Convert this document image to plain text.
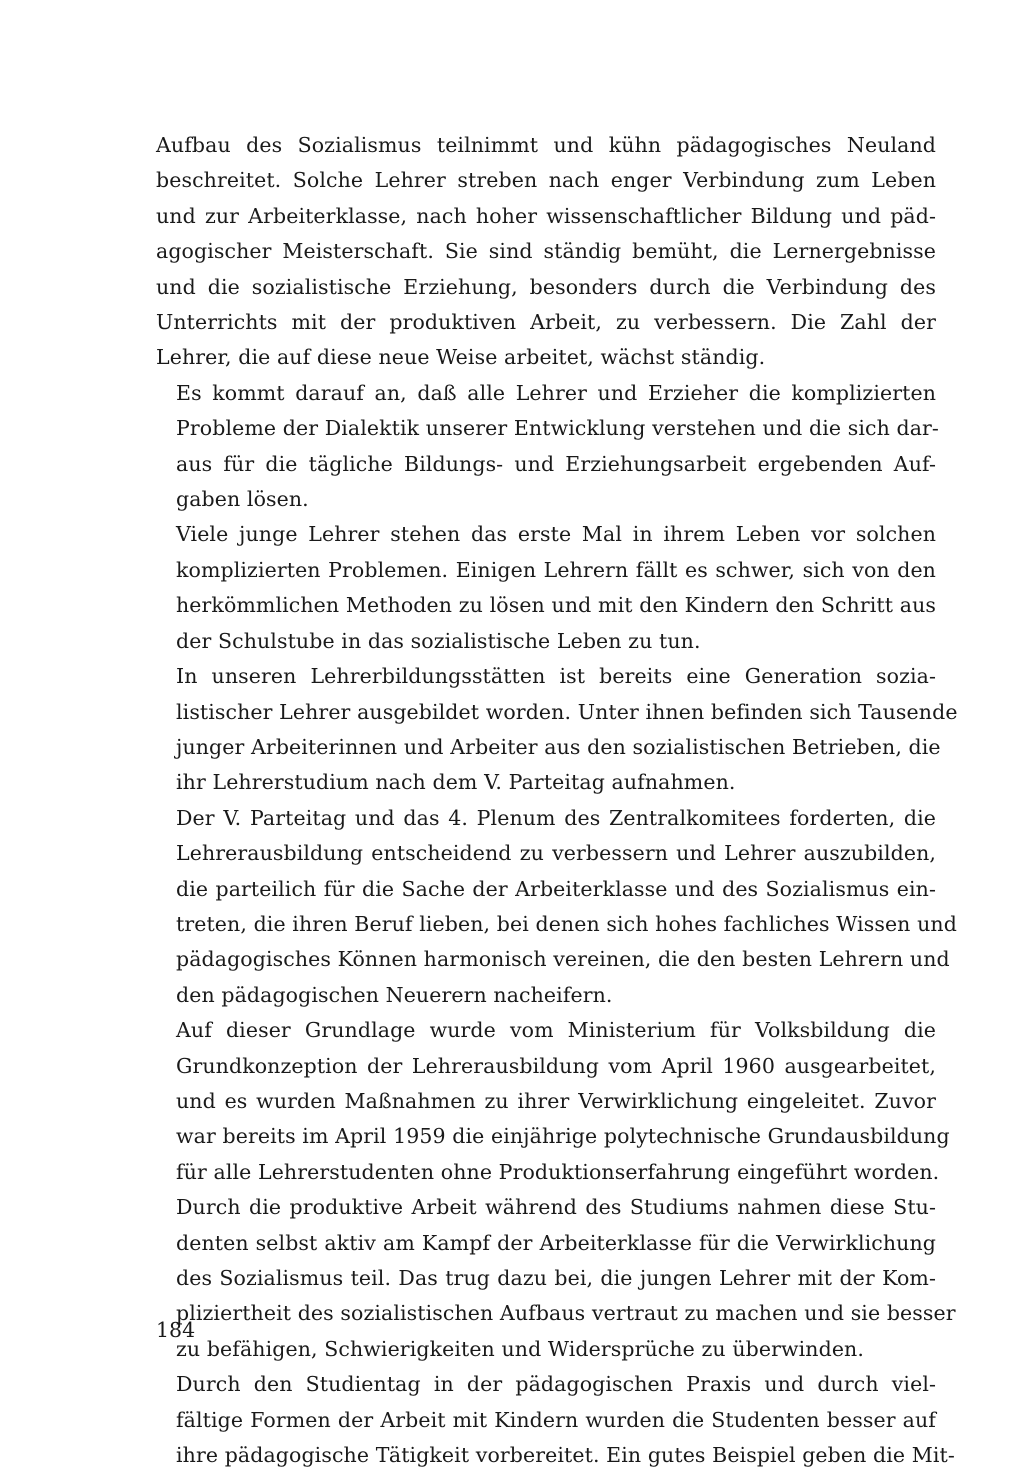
Aufbau des Sozialismus teilnimmt und kühn pädagogisches Neuland
beschreitet. Solche Lehrer streben nach enger Verbindung zum Leben
und zur Arbeiterklasse, nach hoher wissenschaftlicher Bildung und päd-
agogischer Meisterschaft. Sie sind ständig bemüht, die Lernergebnisse
und die sozialistische Erziehung, besonders durch die Verbindung des
Unterrichts mit der produktiven Arbeit, zu verbessern. Die Zahl der
Lehrer, die auf diese neue Weise arbeitet, wächst ständig.

Es kommt darauf an, daß alle Lehrer und Erzieher die komplizierten
Probleme der Dialektik unserer Entwicklung verstehen und die sich dar-
aus für die tägliche Bildungs- und Erziehungsarbeit ergebenden Auf-
gaben lösen.

Viele junge Lehrer stehen das erste Mal in ihrem Leben vor solchen
komplizierten Problemen. Einigen Lehrern fällt es schwer, sich von den
herkömmlichen Methoden zu lösen und mit den Kindern den Schritt aus
der Schulstube in das sozialistische Leben zu tun.

In unseren Lehrerbildungsstätten ist bereits eine Generation sozia-
listischer Lehrer ausgebildet worden. Unter ihnen befinden sich Tausende
junger Arbeiterinnen und Arbeiter aus den sozialistischen Betrieben, die
ihr Lehrerstudium nach dem V. Parteitag aufnahmen.

Der V. Parteitag und das 4. Plenum des Zentralkomitees forderten, die
Lehrerausbildung entscheidend zu verbessern und Lehrer auszubilden,
die parteilich für die Sache der Arbeiterklasse und des Sozialismus ein-
treten, die ihren Beruf lieben, bei denen sich hohes fachliches Wissen und
pädagogisches Können harmonisch vereinen, die den besten Lehrern und
den pädagogischen Neuerern nacheifern.

Auf dieser Grundlage wurde vom Ministerium für Volksbildung die
Grundkonzeption der Lehrerausbildung vom April 1960 ausgearbeitet,
und es wurden Maßnahmen zu ihrer Verwirklichung eingeleitet. Zuvor
war bereits im April 1959 die einjährige polytechnische Grundausbildung
für alle Lehrerstudenten ohne Produktionserfahrung eingeführt worden.
Durch die produktive Arbeit während des Studiums nahmen diese Stu-
denten selbst aktiv am Kampf der Arbeiterklasse für die Verwirklichung
des Sozialismus teil. Das trug dazu bei, die jungen Lehrer mit der Kom-
pliziertheit des sozialistischen Aufbaus vertraut zu machen und sie besser
zu befähigen, Schwierigkeiten und Widersprüche zu überwinden.

Durch den Studientag in der pädagogischen Praxis und durch viel-
fältige Formen der Arbeit mit Kindern wurden die Studenten besser auf
ihre pädagogische Tätigkeit vorbereitet. Ein gutes Beispiel geben die Mit-

184
